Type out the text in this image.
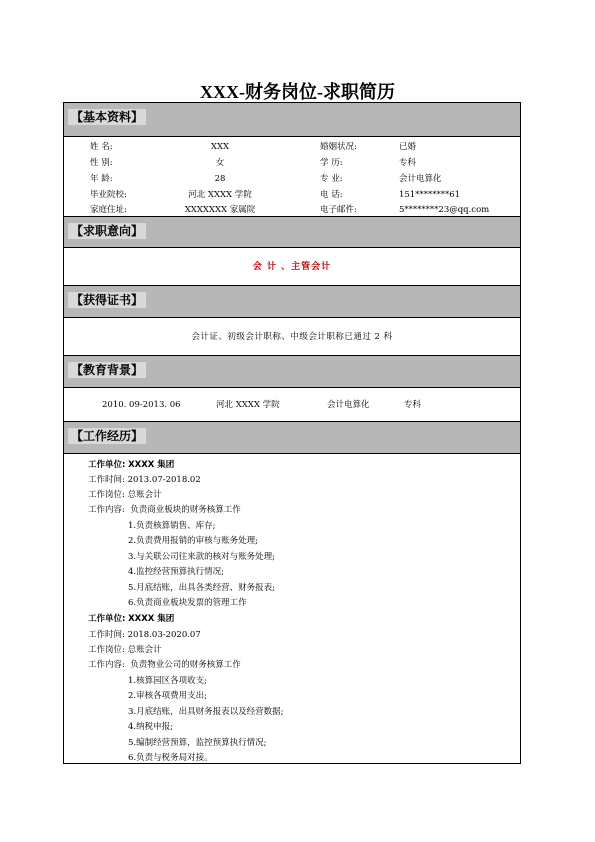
XXX-财务岗位-求职简历
【基本资料】
姓 名:	XXX	婚姻状况:	已婚
性 别:	女	学 历:	专科
年 龄:	28	专 业:	会计电算化
毕业院校:	河北 XXXX 学院	电 话:	151********61
家庭住址:	XXXXXXX 家属院	电子邮件:	5********23@qq.com
【求职意向】
会 计 、主管会计
【获得证书】
会计证、初级会计职称、中级会计职称已通过 2 科
【教育背景】
2010. 09-2013. 06	河北 XXXX 学院	会计电算化	专科
【工作经历】
工作单位: XXXX 集团
工作时间: 2013.07-2018.02
工作岗位: 总账会计
工作内容: 负责商业板块的财务核算工作
1.负责核算销售、库存;
2.负责费用报销的审核与账务处理;
3.与关联公司往来款的核对与账务处理;
4.监控经营预算执行情况;
5.月底结账，出具各类经营、财务报表;
6.负责商业板块发票的管理工作
工作单位: XXXX 集团
工作时间: 2018.03-2020.07
工作岗位: 总账会计
工作内容: 负责物业公司的财务核算工作
1.核算园区各项收支;
2.审核各项费用支出;
3.月底结账，出具财务报表以及经营数据;
4.纳税申报;
5.编制经营预算，监控预算执行情况;
6.负责与税务局对接。
